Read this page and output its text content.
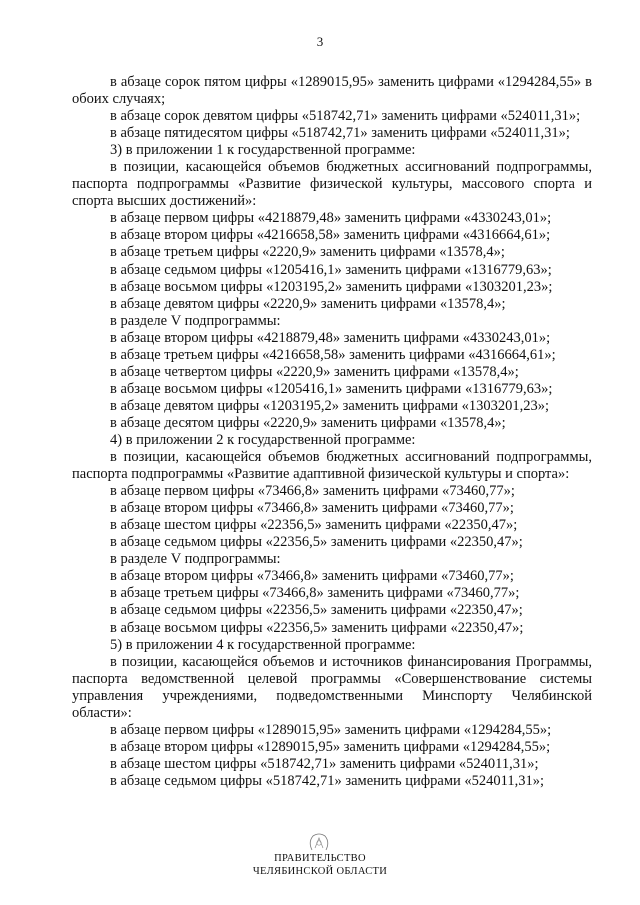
3

в абзаце сорок пятом цифры «1289015,95» заменить цифрами «1294284,55» в обоих случаях;

в абзаце сорок девятом цифры «518742,71» заменить цифрами «524011,31»;

в абзаце пятидесятом цифры «518742,71» заменить цифрами «524011,31»;

3) в приложении 1 к государственной программе:

в позиции, касающейся объемов бюджетных ассигнований подпрограммы, паспорта подпрограммы «Развитие физической культуры, массового спорта и спорта высших достижений»:

в абзаце первом цифры «4218879,48» заменить цифрами «4330243,01»;

в абзаце втором цифры «4216658,58» заменить цифрами «4316664,61»;

в абзаце третьем цифры «2220,9» заменить цифрами «13578,4»;

в абзаце седьмом цифры «1205416,1» заменить цифрами «1316779,63»;

в абзаце восьмом цифры «1203195,2» заменить цифрами «1303201,23»;

в абзаце девятом цифры «2220,9» заменить цифрами «13578,4»;

в разделе V подпрограммы:

в абзаце втором цифры «4218879,48» заменить цифрами «4330243,01»;

в абзаце третьем цифры «4216658,58» заменить цифрами «4316664,61»;

в абзаце четвертом цифры «2220,9» заменить цифрами «13578,4»;

в абзаце восьмом цифры «1205416,1» заменить цифрами «1316779,63»;

в абзаце девятом цифры «1203195,2» заменить цифрами «1303201,23»;

в абзаце десятом цифры «2220,9» заменить цифрами «13578,4»;

4) в приложении 2 к государственной программе:

в позиции, касающейся объемов бюджетных ассигнований подпрограммы, паспорта подпрограммы «Развитие адаптивной физической культуры и спорта»:

в абзаце первом цифры «73466,8» заменить цифрами «73460,77»;

в абзаце втором цифры «73466,8» заменить цифрами «73460,77»;

в абзаце шестом цифры «22356,5» заменить цифрами «22350,47»;

в абзаце седьмом цифры «22356,5» заменить цифрами «22350,47»;

в разделе V подпрограммы:

в абзаце втором цифры «73466,8» заменить цифрами «73460,77»;

в абзаце третьем цифры «73466,8» заменить цифрами «73460,77»;

в абзаце седьмом цифры «22356,5» заменить цифрами «22350,47»;

в абзаце восьмом цифры «22356,5» заменить цифрами «22350,47»;

5) в приложении 4 к государственной программе:

в позиции, касающейся объемов и источников финансирования Программы, паспорта ведомственной целевой программы «Совершенствование системы управления учреждениями, подведомственными Минспорту Челябинской области»:

в абзаце первом цифры «1289015,95» заменить цифрами «1294284,55»;

в абзаце втором цифры «1289015,95» заменить цифрами «1294284,55»;

в абзаце шестом цифры «518742,71» заменить цифрами «524011,31»;

в абзаце седьмом цифры «518742,71» заменить цифрами «524011,31»;

ПРАВИТЕЛЬСТВО
ЧЕЛЯБИНСКОЙ ОБЛАСТИ
